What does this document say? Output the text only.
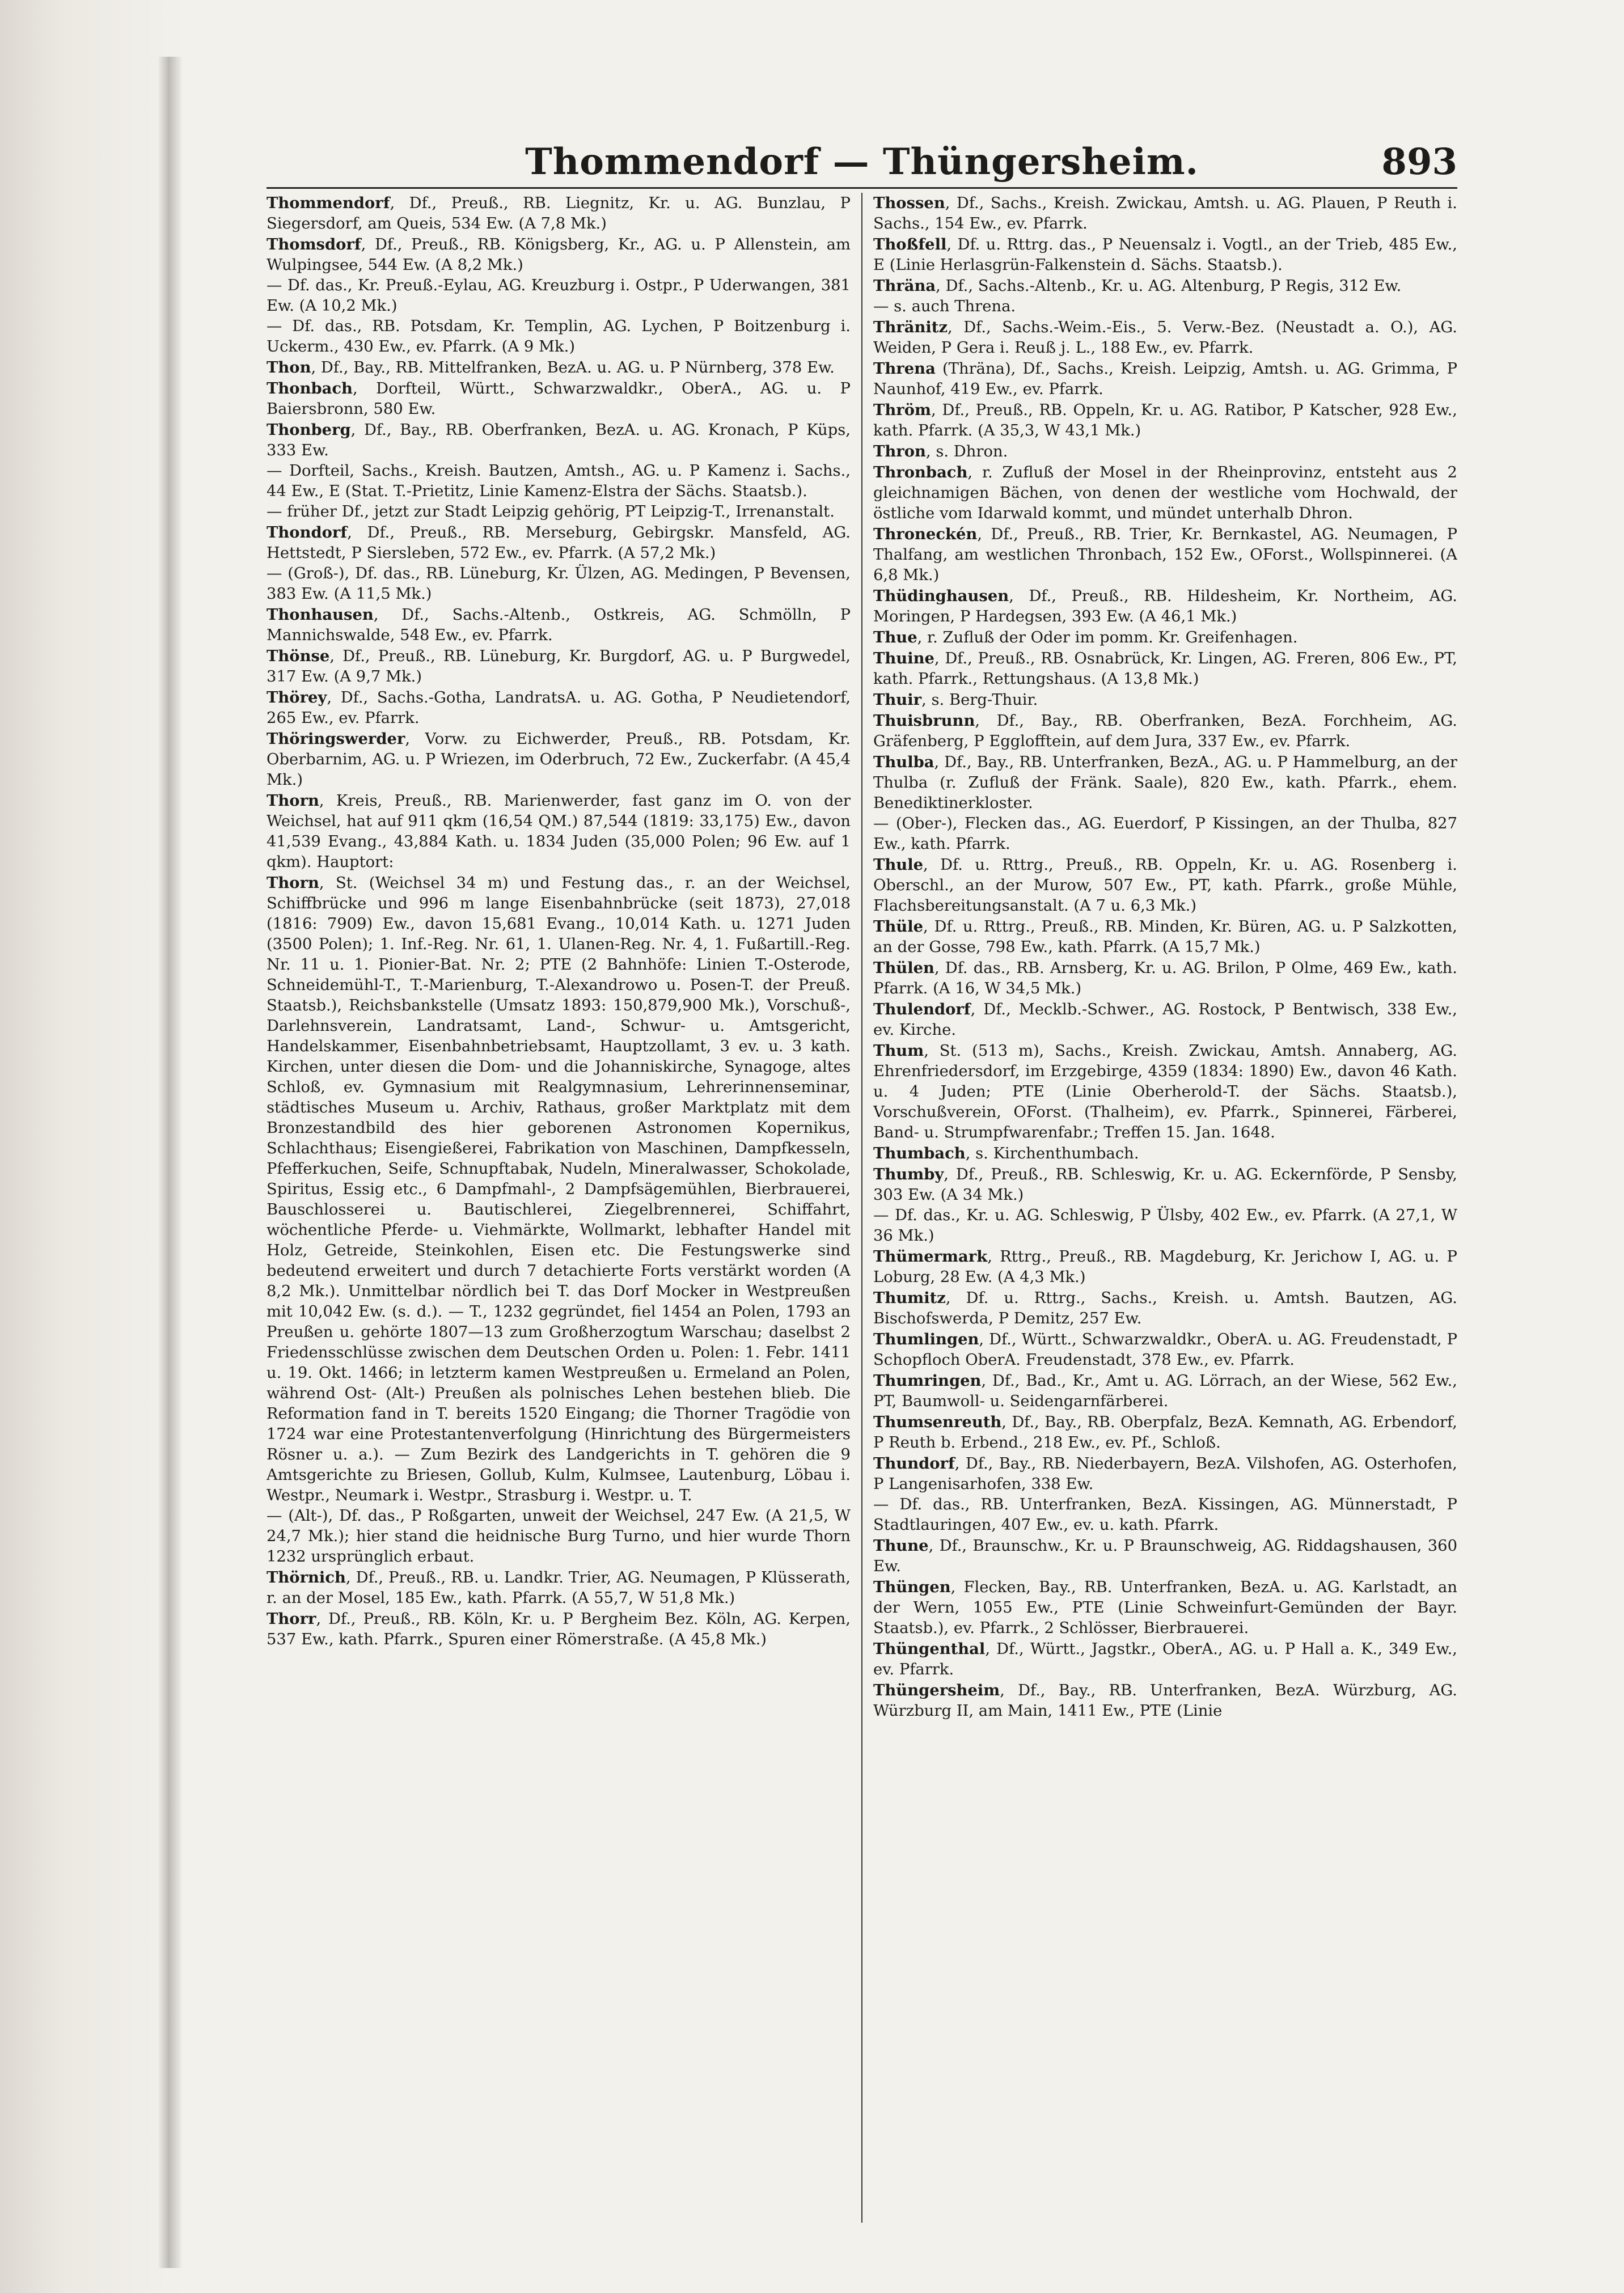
Thommendorf — Thüngersheim.	893

Thommendorf, Df., Preuß., RB. Liegnitz, Kr. u. AG. Bunzlau, P Siegersdorf, am Queis, 534 Ew. (A 7,8 Mk.)

Thomsdorf, Df., Preuß., RB. Königsberg, Kr., AG. u. P Allenstein, am Wulpingsee, 544 Ew. (A 8,2 Mk.)

— Df. das., Kr. Preuß.-Eylau, AG. Kreuzburg i. Ostpr., P Uderwangen, 381 Ew. (A 10,2 Mk.)

— Df. das., RB. Potsdam, Kr. Templin, AG. Lychen, P Boitzenburg i. Uckerm., 430 Ew., ev. Pfarrk. (A 9 Mk.)

Thon, Df., Bay., RB. Mittelfranken, BezA. u. AG. u. P Nürnberg, 378 Ew.

Thonbach, Dorfteil, Württ., Schwarzwaldkr., OberA., AG. u. P Baiersbronn, 580 Ew.

Thonberg, Df., Bay., RB. Oberfranken, BezA. u. AG. Kronach, P Küps, 333 Ew.

— Dorfteil, Sachs., Kreish. Bautzen, Amtsh., AG. u. P Kamenz i. Sachs., 44 Ew., E (Stat. T.-Prietitz, Linie Kamenz-Elstra der Sächs. Staatsb.).

— früher Df., jetzt zur Stadt Leipzig gehörig, PT Leipzig-T., Irrenanstalt.

Thondorf, Df., Preuß., RB. Merseburg, Gebirgskr. Mansfeld, AG. Hettstedt, P Siersleben, 572 Ew., ev. Pfarrk. (A 57,2 Mk.)

— (Groß-), Df. das., RB. Lüneburg, Kr. Ülzen, AG. Medingen, P Bevensen, 383 Ew. (A 11,5 Mk.)

Thonhausen, Df., Sachs.-Altenb., Ostkreis, AG. Schmölln, P Mannichswalde, 548 Ew., ev. Pfarrk.

Thönse, Df., Preuß., RB. Lüneburg, Kr. Burgdorf, AG. u. P Burgwedel, 317 Ew. (A 9,7 Mk.)

Thörey, Df., Sachs.-Gotha, LandratsA. u. AG. Gotha, P Neudietendorf, 265 Ew., ev. Pfarrk.

Thöringswerder, Vorw. zu Eichwerder, Preuß., RB. Potsdam, Kr. Oberbarnim, AG. u. P Wriezen, im Oderbruch, 72 Ew., Zuckerfabr. (A 45,4 Mk.)

Thorn, Kreis, Preuß., RB. Marienwerder, fast ganz im O. von der Weichsel, hat auf 911 qkm (16,54 QM.) 87,544 (1819: 33,175) Ew., davon 41,539 Evang., 43,884 Kath. u. 1834 Juden (35,000 Polen; 96 Ew. auf 1 qkm). Hauptort:

Thorn, St. (Weichsel 34 m) und Festung das., r. an der Weichsel, Schiffbrücke und 996 m lange Eisenbahnbrücke (seit 1873), 27,018 (1816: 7909) Ew., davon 15,681 Evang., 10,014 Kath. u. 1271 Juden (3500 Polen); 1. Inf.-Reg. Nr. 61, 1. Ulanen-Reg. Nr. 4, 1. Fußartill.-Reg. Nr. 11 u. 1. Pionier-Bat. Nr. 2; PTE (2 Bahnhöfe: Linien T.-Osterode, Schneidemühl-T., T.-Marienburg, T.-Alexandrowo u. Posen-T. der Preuß. Staatsb.), Reichsbankstelle (Umsatz 1893: 150,879,900 Mk.), Vorschuß-, Darlehnsverein, Landratsamt, Land-, Schwur- u. Amtsgericht, Handelskammer, Eisenbahnbetriebsamt, Hauptzollamt, 3 ev. u. 3 kath. Kirchen, unter diesen die Dom- und die Johanniskirche, Synagoge, altes Schloß, ev. Gymnasium mit Realgymnasium, Lehrerinnenseminar, städtisches Museum u. Archiv, Rathaus, großer Marktplatz mit dem Bronzestandbild des hier geborenen Astronomen Kopernikus, Schlachthaus; Eisengießerei, Fabrikation von Maschinen, Dampfkesseln, Pfefferkuchen, Seife, Schnupftabak, Nudeln, Mineralwasser, Schokolade, Spiritus, Essig etc., 6 Dampfmahl-, 2 Dampfsägemühlen, Bierbrauerei, Bauschlosserei u. Bautischlerei, Ziegelbrennerei, Schiffahrt, wöchentliche Pferde- u. Viehmärkte, Wollmarkt, lebhafter Handel mit Holz, Getreide, Steinkohlen, Eisen etc. Die Festungswerke sind bedeutend erweitert und durch 7 detachierte Forts verstärkt worden (A 8,2 Mk.). Unmittelbar nördlich bei T. das Dorf Mocker in Westpreußen mit 10,042 Ew. (s. d.). — T., 1232 gegründet, fiel 1454 an Polen, 1793 an Preußen u. gehörte 1807—13 zum Großherzogtum Warschau; daselbst 2 Friedensschlüsse zwischen dem Deutschen Orden u. Polen: 1. Febr. 1411 u. 19. Okt. 1466; in letzterm kamen Westpreußen u. Ermeland an Polen, während Ost- (Alt-) Preußen als polnisches Lehen bestehen blieb. Die Reformation fand in T. bereits 1520 Eingang; die Thorner Tragödie von 1724 war eine Protestantenverfolgung (Hinrichtung des Bürgermeisters Rösner u. a.). — Zum Bezirk des Landgerichts in T. gehören die 9 Amtsgerichte zu Briesen, Gollub, Kulm, Kulmsee, Lautenburg, Löbau i. Westpr., Neumark i. Westpr., Strasburg i. Westpr. u. T.

— (Alt-), Df. das., P Roßgarten, unweit der Weichsel, 247 Ew. (A 21,5, W 24,7 Mk.); hier stand die heidnische Burg Turno, und hier wurde Thorn 1232 ursprünglich erbaut.

Thörnich, Df., Preuß., RB. u. Landkr. Trier, AG. Neumagen, P Klüsserath, r. an der Mosel, 185 Ew., kath. Pfarrk. (A 55,7, W 51,8 Mk.)

Thorr, Df., Preuß., RB. Köln, Kr. u. P Bergheim Bez. Köln, AG. Kerpen, 537 Ew., kath. Pfarrk., Spuren einer Römerstraße. (A 45,8 Mk.)

Thossen, Df., Sachs., Kreish. Zwickau, Amtsh. u. AG. Plauen, P Reuth i. Sachs., 154 Ew., ev. Pfarrk.

Thoßfell, Df. u. Rttrg. das., P Neuensalz i. Vogtl., an der Trieb, 485 Ew., E (Linie Herlasgrün-Falkenstein d. Sächs. Staatsb.).

Thräna, Df., Sachs.-Altenb., Kr. u. AG. Altenburg, P Regis, 312 Ew.

— s. auch Threna.

Thränitz, Df., Sachs.-Weim.-Eis., 5. Verw.-Bez. (Neustadt a. O.), AG. Weiden, P Gera i. Reuß j. L., 188 Ew., ev. Pfarrk.

Threna (Thräna), Df., Sachs., Kreish. Leipzig, Amtsh. u. AG. Grimma, P Naunhof, 419 Ew., ev. Pfarrk.

Thröm, Df., Preuß., RB. Oppeln, Kr. u. AG. Ratibor, P Katscher, 928 Ew., kath. Pfarrk. (A 35,3, W 43,1 Mk.)

Thron, s. Dhron.

Thronbach, r. Zufluß der Mosel in der Rheinprovinz, entsteht aus 2 gleichnamigen Bächen, von denen der westliche vom Hochwald, der östliche vom Idarwald kommt, und mündet unterhalb Dhron.

Throneckén, Df., Preuß., RB. Trier, Kr. Bernkastel, AG. Neumagen, P Thalfang, am westlichen Thronbach, 152 Ew., OForst., Wollspinnerei. (A 6,8 Mk.)

Thüdinghausen, Df., Preuß., RB. Hildesheim, Kr. Northeim, AG. Moringen, P Hardegsen, 393 Ew. (A 46,1 Mk.)

Thue, r. Zufluß der Oder im pomm. Kr. Greifenhagen.

Thuine, Df., Preuß., RB. Osnabrück, Kr. Lingen, AG. Freren, 806 Ew., PT, kath. Pfarrk., Rettungshaus. (A 13,8 Mk.)

Thuir, s. Berg-Thuir.

Thuisbrunn, Df., Bay., RB. Oberfranken, BezA. Forchheim, AG. Gräfenberg, P Egglofftein, auf dem Jura, 337 Ew., ev. Pfarrk.

Thulba, Df., Bay., RB. Unterfranken, BezA., AG. u. P Hammelburg, an der Thulba (r. Zufluß der Fränk. Saale), 820 Ew., kath. Pfarrk., ehem. Benediktinerkloster.

— (Ober-), Flecken das., AG. Euerdorf, P Kissingen, an der Thulba, 827 Ew., kath. Pfarrk.

Thule, Df. u. Rttrg., Preuß., RB. Oppeln, Kr. u. AG. Rosenberg i. Oberschl., an der Murow, 507 Ew., PT, kath. Pfarrk., große Mühle, Flachsbereitungsanstalt. (A 7 u. 6,3 Mk.)

Thüle, Df. u. Rttrg., Preuß., RB. Minden, Kr. Büren, AG. u. P Salzkotten, an der Gosse, 798 Ew., kath. Pfarrk. (A 15,7 Mk.)

Thülen, Df. das., RB. Arnsberg, Kr. u. AG. Brilon, P Olme, 469 Ew., kath. Pfarrk. (A 16, W 34,5 Mk.)

Thulendorf, Df., Mecklb.-Schwer., AG. Rostock, P Bentwisch, 338 Ew., ev. Kirche.

Thum, St. (513 m), Sachs., Kreish. Zwickau, Amtsh. Annaberg, AG. Ehrenfriedersdorf, im Erzgebirge, 4359 (1834: 1890) Ew., davon 46 Kath. u. 4 Juden; PTE (Linie Oberherold-T. der Sächs. Staatsb.), Vorschußverein, OForst. (Thalheim), ev. Pfarrk., Spinnerei, Färberei, Band- u. Strumpfwarenfabr.; Treffen 15. Jan. 1648.

Thumbach, s. Kirchenthumbach.

Thumby, Df., Preuß., RB. Schleswig, Kr. u. AG. Eckernförde, P Sensby, 303 Ew. (A 34 Mk.)

— Df. das., Kr. u. AG. Schleswig, P Ülsby, 402 Ew., ev. Pfarrk. (A 27,1, W 36 Mk.)

Thümermark, Rttrg., Preuß., RB. Magdeburg, Kr. Jerichow I, AG. u. P Loburg, 28 Ew. (A 4,3 Mk.)

Thumitz, Df. u. Rttrg., Sachs., Kreish. u. Amtsh. Bautzen, AG. Bischofswerda, P Demitz, 257 Ew.

Thumlingen, Df., Württ., Schwarzwaldkr., OberA. u. AG. Freudenstadt, P Schopfloch OberA. Freudenstadt, 378 Ew., ev. Pfarrk.

Thumringen, Df., Bad., Kr., Amt u. AG. Lörrach, an der Wiese, 562 Ew., PT, Baumwoll- u. Seidengarnfärberei.

Thumsenreuth, Df., Bay., RB. Oberpfalz, BezA. Kemnath, AG. Erbendorf, P Reuth b. Erbend., 218 Ew., ev. Pf., Schloß.

Thundorf, Df., Bay., RB. Niederbayern, BezA. Vilshofen, AG. Osterhofen, P Langenisarhofen, 338 Ew.

— Df. das., RB. Unterfranken, BezA. Kissingen, AG. Münnerstadt, P Stadtlauringen, 407 Ew., ev. u. kath. Pfarrk.

Thune, Df., Braunschw., Kr. u. P Braunschweig, AG. Riddagshausen, 360 Ew.

Thüngen, Flecken, Bay., RB. Unterfranken, BezA. u. AG. Karlstadt, an der Wern, 1055 Ew., PTE (Linie Schweinfurt-Gemünden der Bayr. Staatsb.), ev. Pfarrk., 2 Schlösser, Bierbrauerei.

Thüngenthal, Df., Württ., Jagstkr., OberA., AG. u. P Hall a. K., 349 Ew., ev. Pfarrk.

Thüngersheim, Df., Bay., RB. Unterfranken, BezA. Würzburg, AG. Würzburg II, am Main, 1411 Ew., PTE (Linie
